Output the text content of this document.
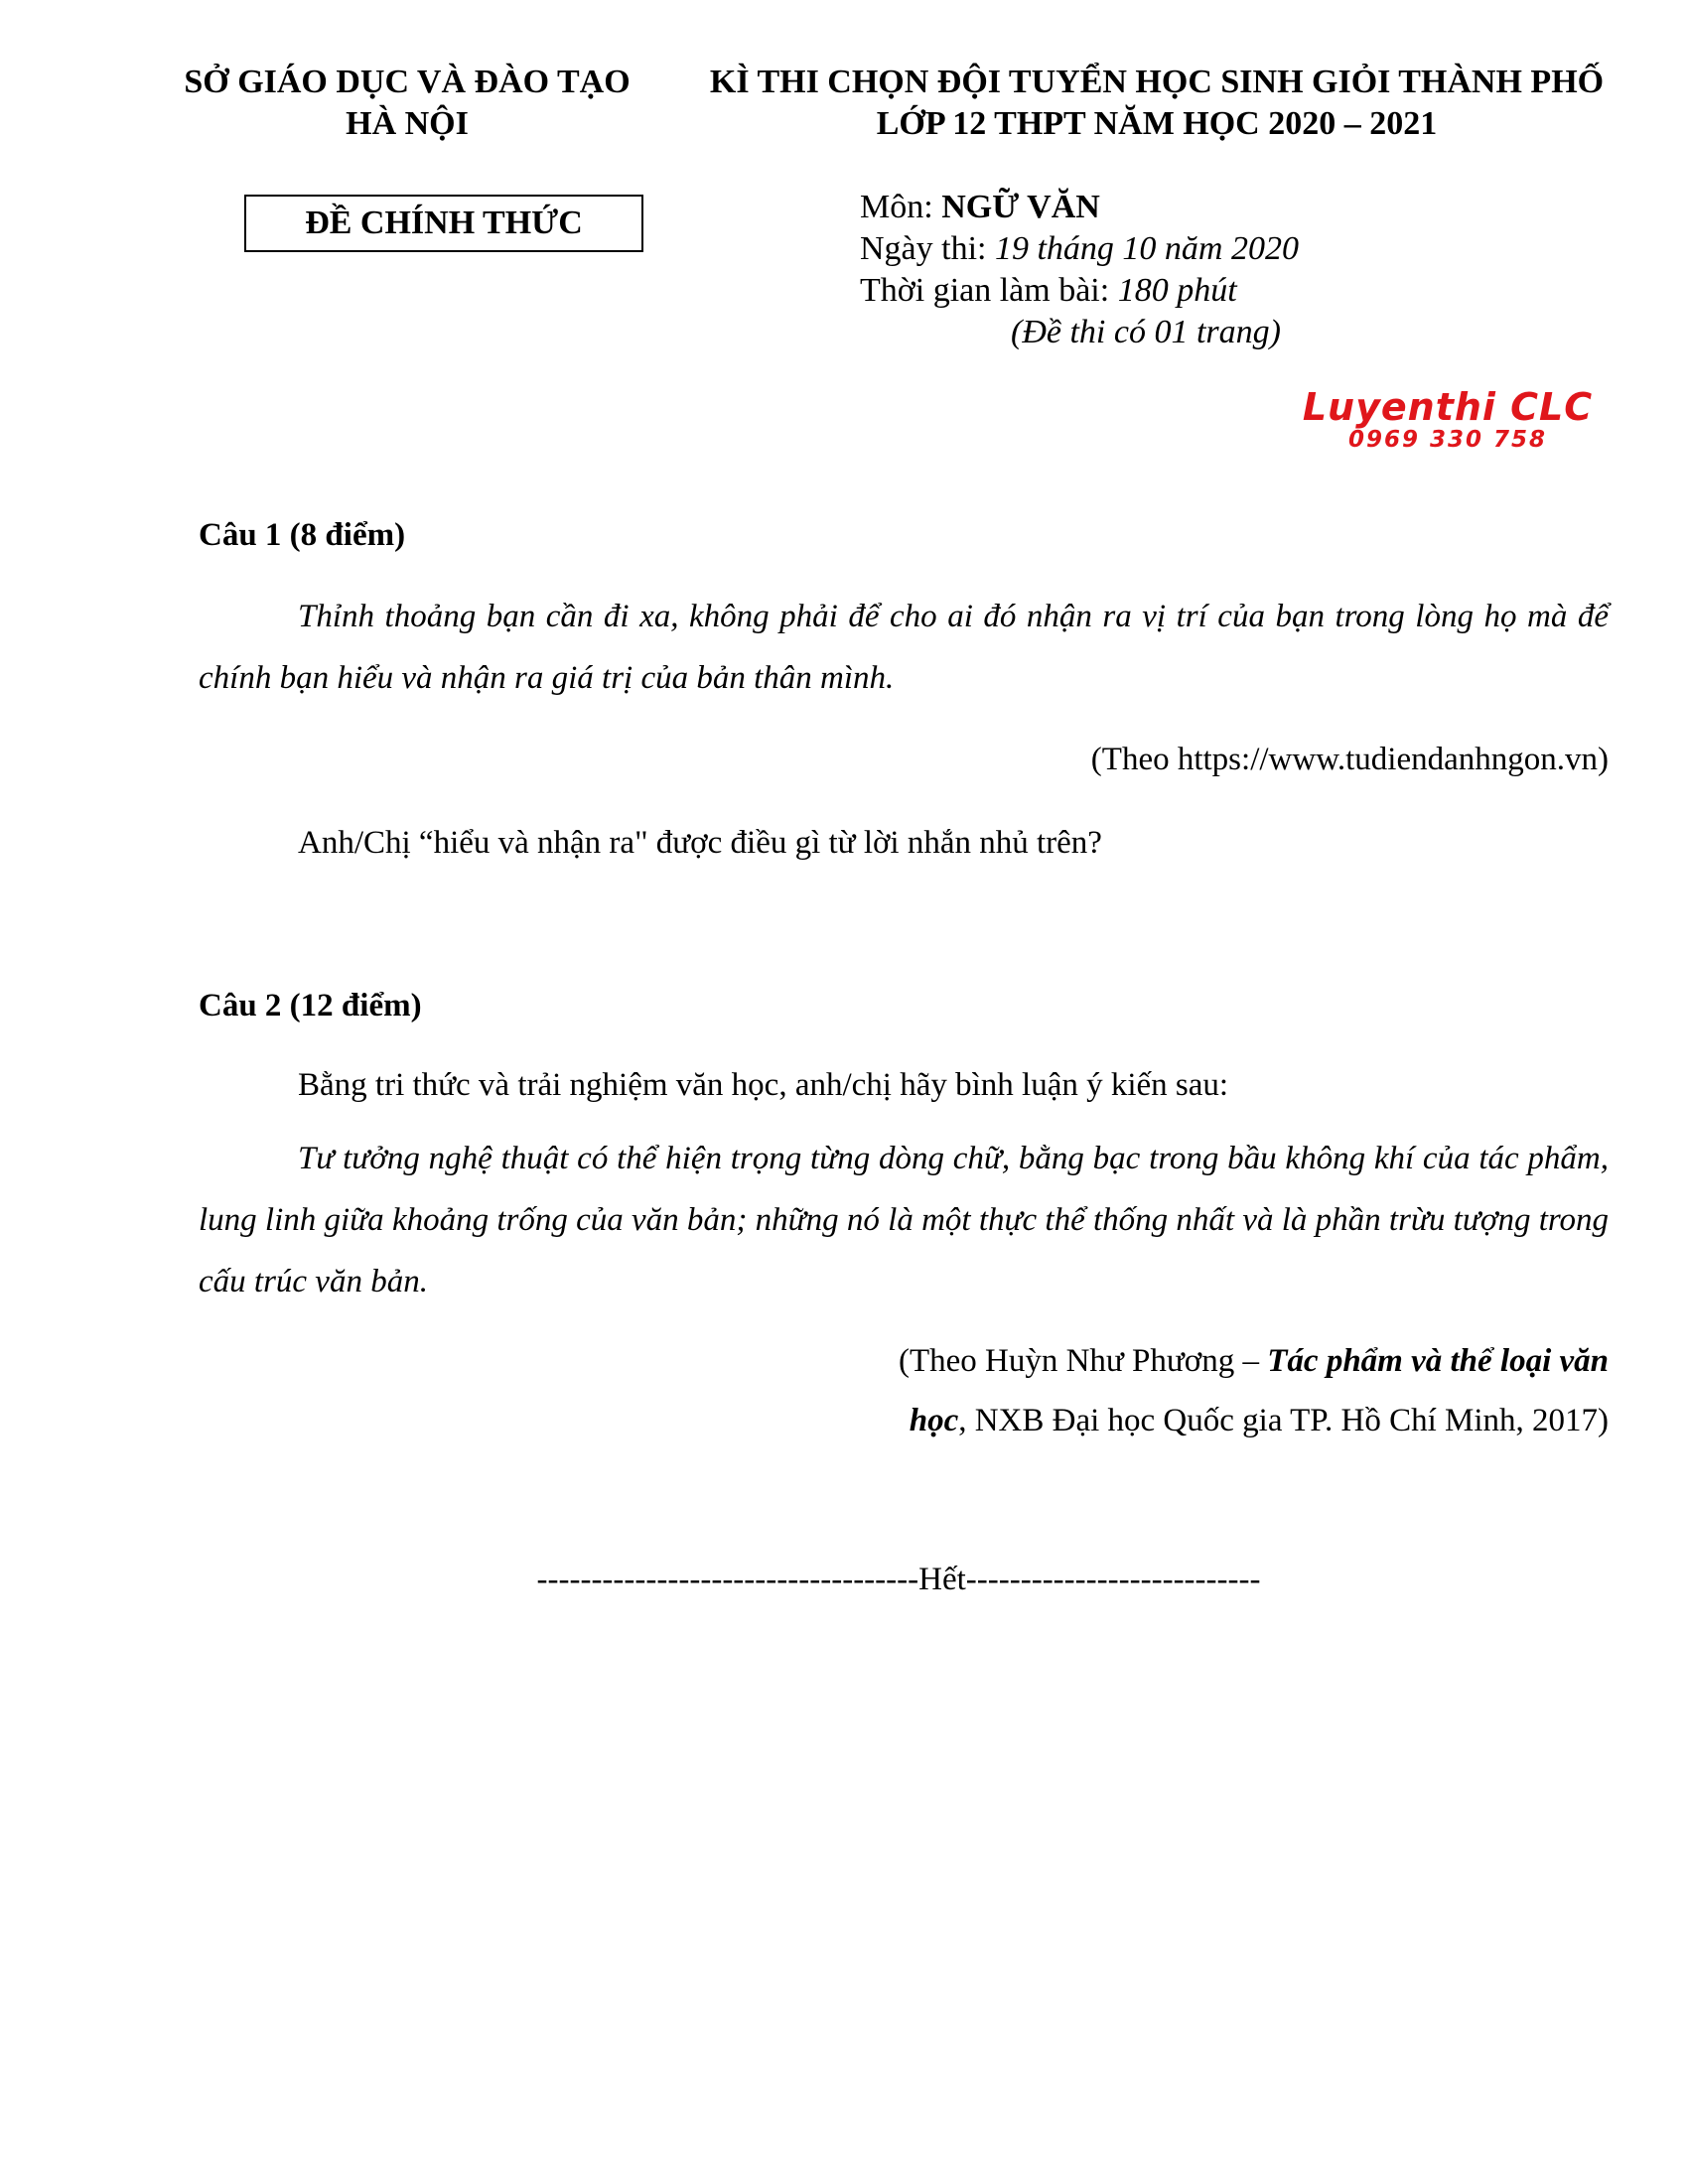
SỞ GIÁO DỤC VÀ ĐÀO TẠO
HÀ NỘI
KÌ THI CHỌN ĐỘI TUYỂN HỌC SINH GIỎI THÀNH PHỐ
LỚP 12 THPT NĂM HỌC 2020 – 2021
ĐỀ CHÍNH THỨC	Môn: NGỮ VĂN
Ngày thi: 19 tháng 10 năm 2020
Thời gian làm bài: 180 phút
(Đề thi có 01 trang)
Luyenthi CLC
0969 330 758
Câu 1 (8 điểm)
Thỉnh thoảng bạn cần đi xa, không phải để cho ai đó nhận ra vị trí của bạn trong lòng họ mà để chính bạn hiểu và nhận ra giá trị của bản thân mình.
(Theo https://www.tudiendanhngon.vn)
Anh/Chị “hiểu và nhận ra" được điều gì từ lời nhắn nhủ trên?
Câu 2 (12 điểm)
Bằng tri thức và trải nghiệm văn học, anh/chị hãy bình luận ý kiến sau:
Tư tưởng nghệ thuật có thể hiện trọng từng dòng chữ, bằng bạc trong bầu không khí của tác phẩm, lung linh giữa khoảng trống của văn bản; những nó là một thực thể thống nhất và là phần trừu tượng trong cấu trúc văn bản.
(Theo Huỳn Như Phương – Tác phẩm và thể loại văn
học, NXB Đại học Quốc gia TP. Hồ Chí Minh, 2017)
-----------------------------------Hết---------------------------
